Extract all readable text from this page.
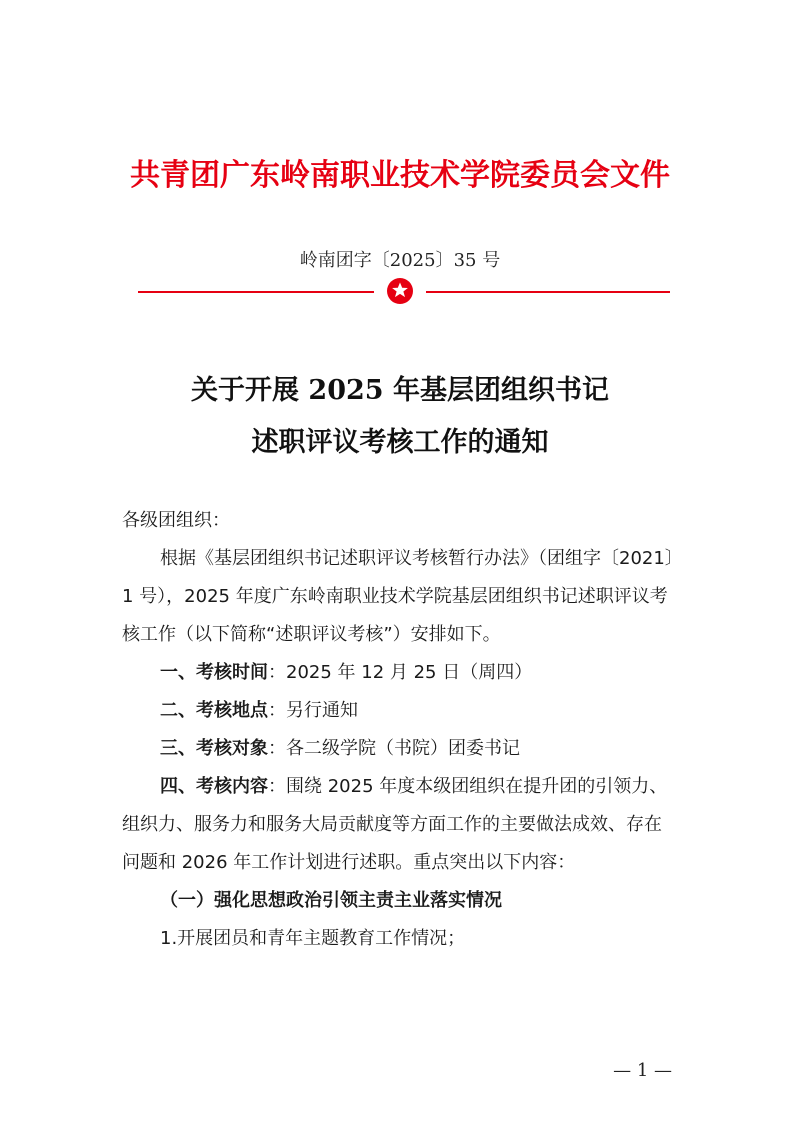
共青团广东岭南职业技术学院委员会文件
岭南团字〔2025〕35 号
关于开展 2025 年基层团组织书记
述职评议考核工作的通知

各级团组织：

根据《基层团组织书记述职评议考核暂行办法》（团组字〔2021〕1 号），2025 年度广东岭南职业技术学院基层团组织书记述职评议考核工作（以下简称“述职评议考核”）安排如下。

一、考核时间：2025 年 12 月 25 日（周四）

二、考核地点：另行通知

三、考核对象：各二级学院（书院）团委书记

四、考核内容：围绕 2025 年度本级团组织在提升团的引领力、组织力、服务力和服务大局贡献度等方面工作的主要做法成效、存在问题和 2026 年工作计划进行述职。重点突出以下内容：

（一）强化思想政治引领主责主业落实情况

1.开展团员和青年主题教育工作情况；

— 1 —
